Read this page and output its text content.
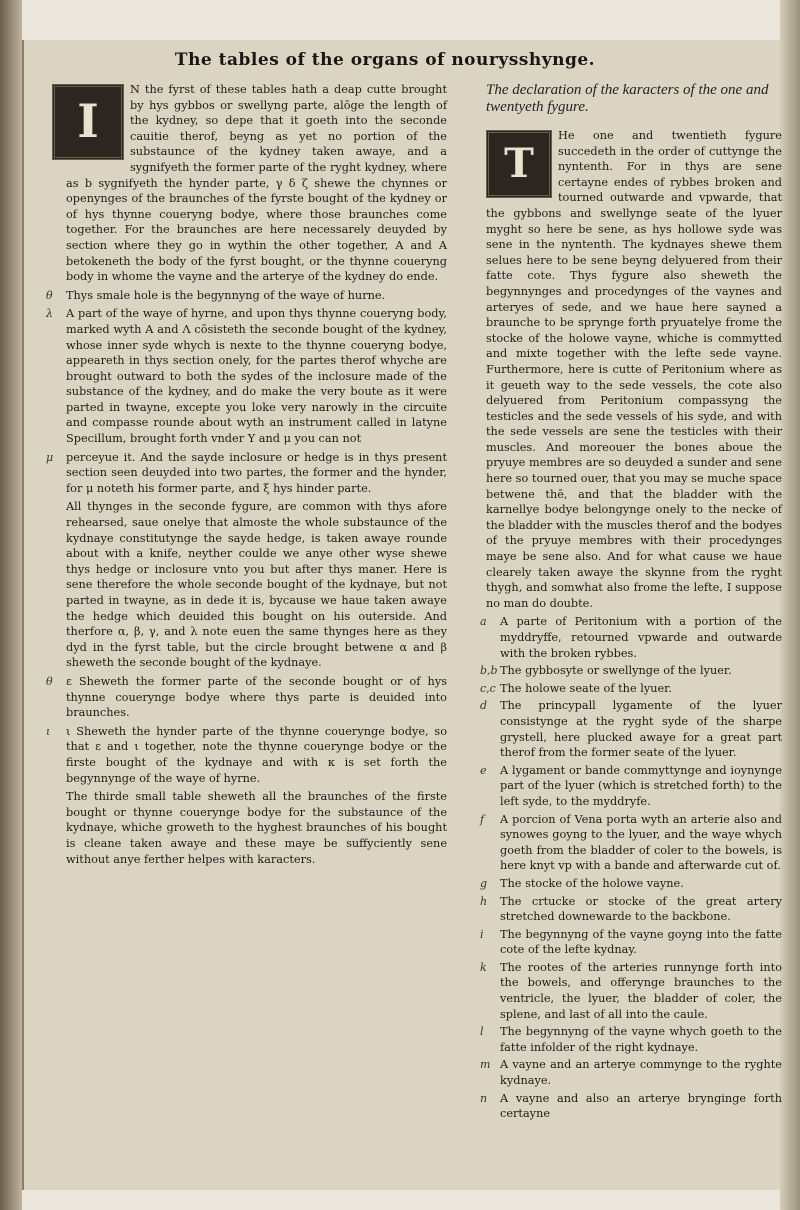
The tables of the organs of nourysshynge.
I

N the fyrst of these tables hath a deap cutte brought by hys gybbos or swellyng parte, alōge the length of the kydney, so depe that it goeth into the seconde cauitie therof, beyng as yet no portion of the substaunce of the kydney taken awaye, and a sygnifyeth the former parte of the ryght kydney, where as b sygnifyeth the hynder parte, γ δ ζ shewe the chynnes or openynges of the braunches of the fyrste bought of the kydney or of hys thynne coueryng bodye, where those braunches come together. For the braunches are here necessarely deuyded by section where they go in wythin the other together, A and A betokeneth the body of the fyrst bought, or the thynne coueryng body in whome the vayne and the arterye of the kydney do ende.

θ Thys smale hole is the begynnyng of the waye of hurne.

λ A part of the waye of hyrne, and upon thys thynne coueryng body, marked wyth A and Λ cōsisteth the seconde bought of the kydney, whose inner syde whych is nexte to the thynne coueryng bodye, appeareth in thys section onely, for the partes therof whyche are brought outward to both the sydes of the inclosure made of the substance of the kydney, and do make the very boute as it were parted in twayne, excepte you loke very narowly in the circuite and compasse rounde about wyth an instrument called in latyne Specillum, brought forth vnder Υ and μ you can not

μ perceyue it. And the sayde inclosure or hedge is in thys present section seen deuyded into two partes, the former and the hynder, for μ noteth his former parte, and ξ hys hinder parte.

All thynges in the seconde fygure, are common with thys afore rehearsed, saue onelye that almoste the whole substaunce of the kydnaye constitutynge the sayde hedge, is taken awaye rounde about with a knife, neyther coulde we anye other wyse shewe thys hedge or inclosure vnto you but after thys maner. Here is sene therefore the whole seconde bought of the kydnaye, but not parted in twayne, as in dede it is, bycause we haue taken awaye the hedge which deuided this bought on his outerside. And therfore α, β, γ, and λ note euen the same thynges here as they dyd in the fyrst table, but the circle brought betwene α and β sheweth the seconde bought of the kydnaye.

θ ε Sheweth the former parte of the seconde bought or of hys thynne couerynge bodye where thys parte is deuided into braunches.

ι ι Sheweth the hynder parte of the thynne couerynge bodye, so that ε and ι together, note the thynne couerynge bodye or the firste bought of the kydnaye and with κ is set forth the begynnynge of the waye of hyrne.

The thirde small table sheweth all the braunches of the firste bought or thynne couerynge bodye for the substaunce of the kydnaye, whiche groweth to the hyghest braunches of his bought is cleane taken awaye and these maye be suffyciently sene without anye ferther helpes with karacters.

The declaration of the karacters of the one and twentyeth fygure.
T

He one and twentieth fygure succedeth in the order of cuttynge the nyntenth. For in thys are sene certayne endes of rybbes broken and tourned outwarde and vpwarde, that the gybbons and swellynge seate of the lyuer myght so here be sene, as hys hollowe syde was sene in the nyntenth. The kydnayes shewe them selues here to be sene beyng delyuered from their fatte cote. Thys fygure also sheweth the begynnynges and procedynges of the vaynes and arteryes of sede, and we haue here sayned a braunche to be sprynge forth pryuatelye frome the stocke of the holowe vayne, whiche is commytted and mixte together with the lefte sede vayne. Furthermore, here is cutte of Peritonium where as it geueth way to the sede vessels, the cote also delyuered from Peritonium compassyng the testicles and the sede vessels of his syde, and with the sede vessels are sene the testicles with their muscles. And moreouer the bones aboue the pryuye membres are so deuyded a sunder and sene here so tourned ouer, that you may se muche space betwene thē, and that the bladder with the karnellye bodye belongynge onely to the necke of the bladder with the muscles therof and the bodyes of the pryuye membres with their procedynges maye be sene also. And for what cause we haue clearely taken awaye the skynne from the ryght thygh, and somwhat also frome the lefte, I suppose no man do doubte.

a A parte of Peritonium with a portion of the myddryffe, retourned vpwarde and outwarde with the broken rybbes.

b,b The gybbosyte or swellynge of the lyuer.

c,c The holowe seate of the lyuer.

d The princypall lygamente of the lyuer consistynge at the ryght syde of the sharpe grystell, here plucked awaye for a great part therof from the former seate of the lyuer.

e A lygament or bande commyttynge and ioynynge part of the lyuer (which is stretched forth) to the left syde, to the myddryfe.

f A porcion of Vena porta wyth an arterie also and synowes goyng to the lyuer, and the waye whych goeth from the bladder of coler to the bowels, is here knyt vp with a bande and afterwarde cut of.

g The stocke of the holowe vayne.

h The crtucke or stocke of the great artery stretched downewarde to the backbone.

i The begynnyng of the vayne goyng into the fatte cote of the lefte kydnay.

k The rootes of the arteries runnynge forth into the bowels, and offerynge braunches to the ventricle, the lyuer, the bladder of coler, the splene, and last of all into the caule.

l The begynnyng of the vayne whych goeth to the fatte infolder of the right kydnaye.

m A vayne and an arterye commynge to the ryghte kydnaye.

n A vayne and also an arterye brynginge forth certayne
